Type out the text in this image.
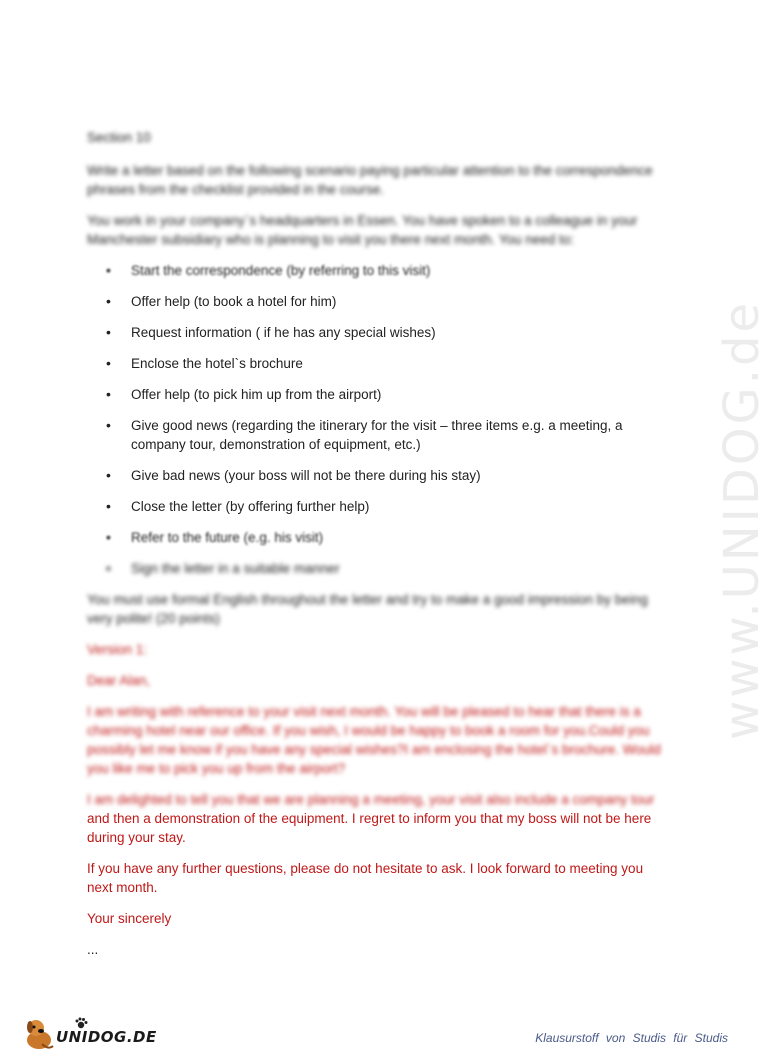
www.UNIDOG.de

Section 10

Write a letter based on the following scenario paying particular attention to the correspondence phrases from the checklist provided in the course.

You work in your company`s headquarters in Essen. You have spoken to a colleague in your Manchester subsidiary who is planning to visit you there next month. You need to:

• Start the correspondence (by referring to this visit)
• Offer help (to book a hotel for him)
• Request information ( if he has any special wishes)
• Enclose the hotel`s brochure
• Offer help (to pick him up from the airport)
• Give good news (regarding the itinerary for the visit – three items e.g. a meeting, a company tour, demonstration of equipment, etc.)
• Give bad news (your boss will not be there during his stay)
• Close the letter (by offering further help)
• Refer to the future (e.g. his visit)
• Sign the letter in a suitable manner

You must use formal English throughout the letter and try to make a good impression by being very polite! (20 points)

Version 1:

Dear Alan,

I am writing with reference to your visit next month. You will be pleased to hear that there is a charming hotel near our office. If you wish, I would be happy to book a room for you.Could you possibly let me know if you have any special wishes?I am enclosing the hotel`s brochure. Would you like me to pick you up from the airport?

I am delighted to tell you that we are planning a meeting, your visit also include a company tour
and then a demonstration of the equipment. I regret to inform you that my boss will not be here during your stay.

If you have any further questions, please do not hesitate to ask. I look forward to meeting you next month.

Your sincerely

...

UNIDOG.DE	Klausurstoff von Studis für Studis
